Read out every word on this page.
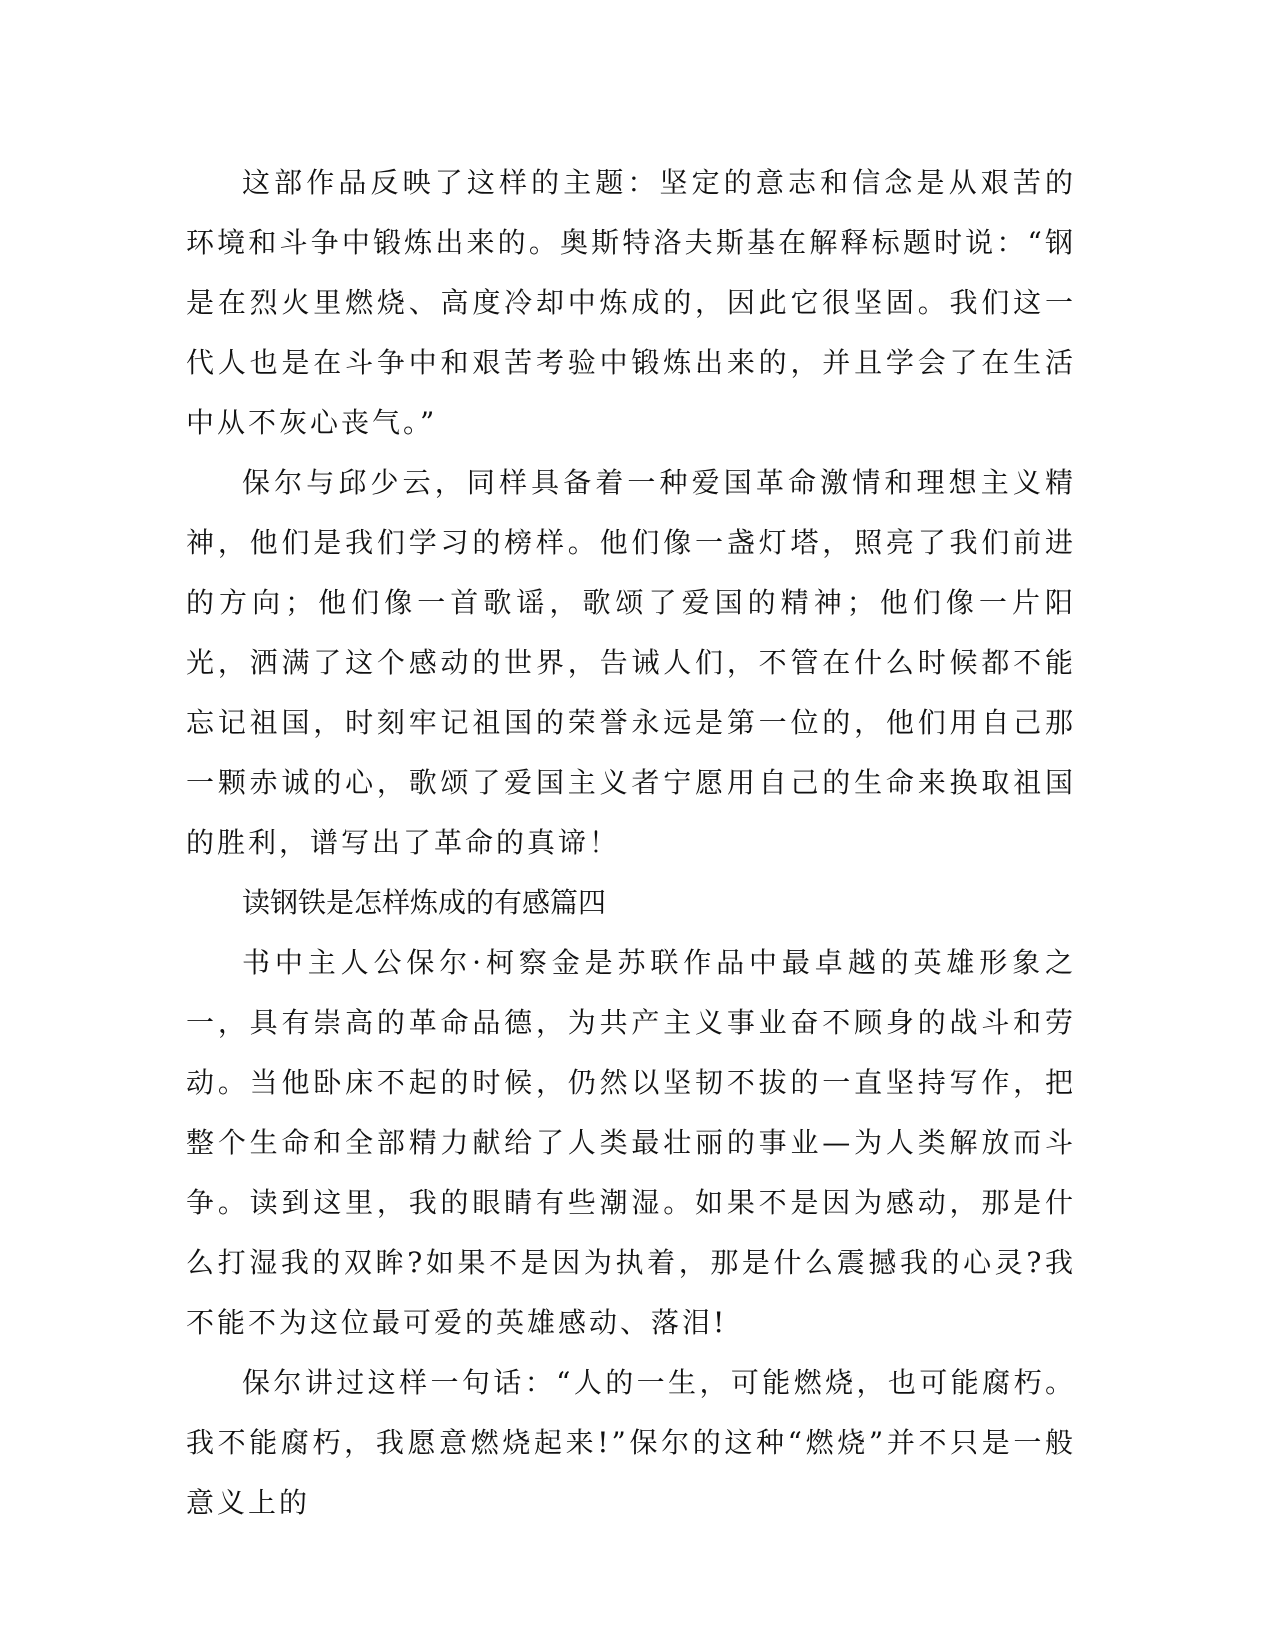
这部作品反映了这样的主题：坚定的意志和信念是从艰苦的环境和斗争中锻炼出来的。奥斯特洛夫斯基在解释标题时说：“钢是在烈火里燃烧、高度冷却中炼成的，因此它很坚固。我们这一代人也是在斗争中和艰苦考验中锻炼出来的，并且学会了在生活中从不灰心丧气。”

保尔与邱少云，同样具备着一种爱国革命激情和理想主义精神，他们是我们学习的榜样。他们像一盏灯塔，照亮了我们前进的方向；他们像一首歌谣，歌颂了爱国的精神；他们像一片阳光，洒满了这个感动的世界，告诫人们，不管在什么时候都不能忘记祖国，时刻牢记祖国的荣誉永远是第一位的，他们用自己那一颗赤诚的心，歌颂了爱国主义者宁愿用自己的生命来换取祖国的胜利，谱写出了革命的真谛！

读钢铁是怎样炼成的有感篇四

书中主人公保尔·柯察金是苏联作品中最卓越的英雄形象之一，具有崇高的革命品德，为共产主义事业奋不顾身的战斗和劳动。当他卧床不起的时候，仍然以坚韧不拔的一直坚持写作，把整个生命和全部精力献给了人类最壮丽的事业—为人类解放而斗争。读到这里，我的眼睛有些潮湿。如果不是因为感动，那是什么打湿我的双眸?如果不是因为执着，那是什么震撼我的心灵?我不能不为这位最可爱的英雄感动、落泪!

保尔讲过这样一句话：“人的一生，可能燃烧，也可能腐朽。我不能腐朽，我愿意燃烧起来!”保尔的这种“燃烧”并不只是一般意义上的
